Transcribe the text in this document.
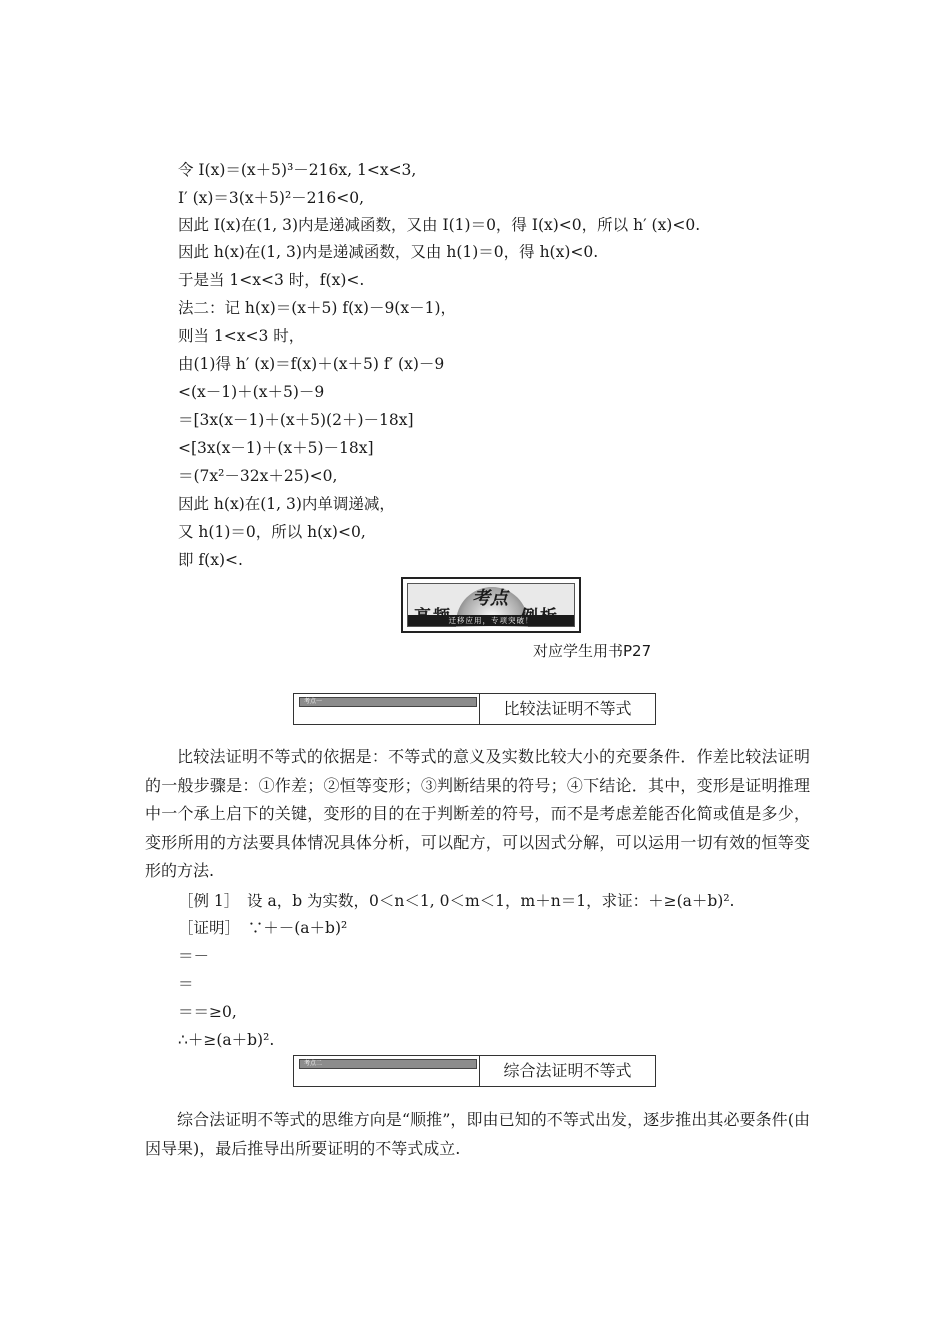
令 I(x)＝(x＋5)³－216x, 1<x<3,
I′ (x)＝3(x＋5)²－216<0,
因此 I(x)在(1, 3)内是递减函数，又由 I(1)＝0，得 I(x)<0，所以 h′ (x)<0.
因此 h(x)在(1, 3)内是递减函数，又由 h(1)＝0，得 h(x)<0.
于是当 1<x<3 时，f(x)<.
法二：记 h(x)＝(x＋5) f(x)－9(x－1)，
则当 1<x<3 时，
由(1)得 h′ (x)＝f(x)＋(x＋5) f′ (x)－9
<(x－1)＋(x＋5)－9
＝[3x(x－1)＋(x＋5)(2＋)－18x]
<[3x(x－1)＋(x＋5)－18x]
＝(7x²－32x＋25)<0,
因此 h(x)在(1, 3)内单调递减，
又 h(1)＝0，所以 h(x)<0,
即 f(x)<.
考点
迁移应用，专项突破！
对应学生用书P27
考点一	比较法证明不等式
比较法证明不等式的依据是：不等式的意义及实数比较大小的充要条件．作差比较法证明的一般步骤是：①作差；②恒等变形；③判断结果的符号；④下结论．其中，变形是证明推理中一个承上启下的关键，变形的目的在于判断差的符号，而不是考虑差能否化简或值是多少，变形所用的方法要具体情况具体分析，可以配方，可以因式分解，可以运用一切有效的恒等变形的方法.
［例 1］　设 a，b 为实数，0＜n＜1, 0＜m＜1，m＋n＝1，求证：＋≥(a＋b)².
［证明］　∵＋－(a＋b)²
＝－
＝
＝＝≥0,
∴＋≥(a＋b)².
考点二	综合法证明不等式
综合法证明不等式的思维方向是“顺推”，即由已知的不等式出发，逐步推出其必要条件(由因导果)，最后推导出所要证明的不等式成立.
